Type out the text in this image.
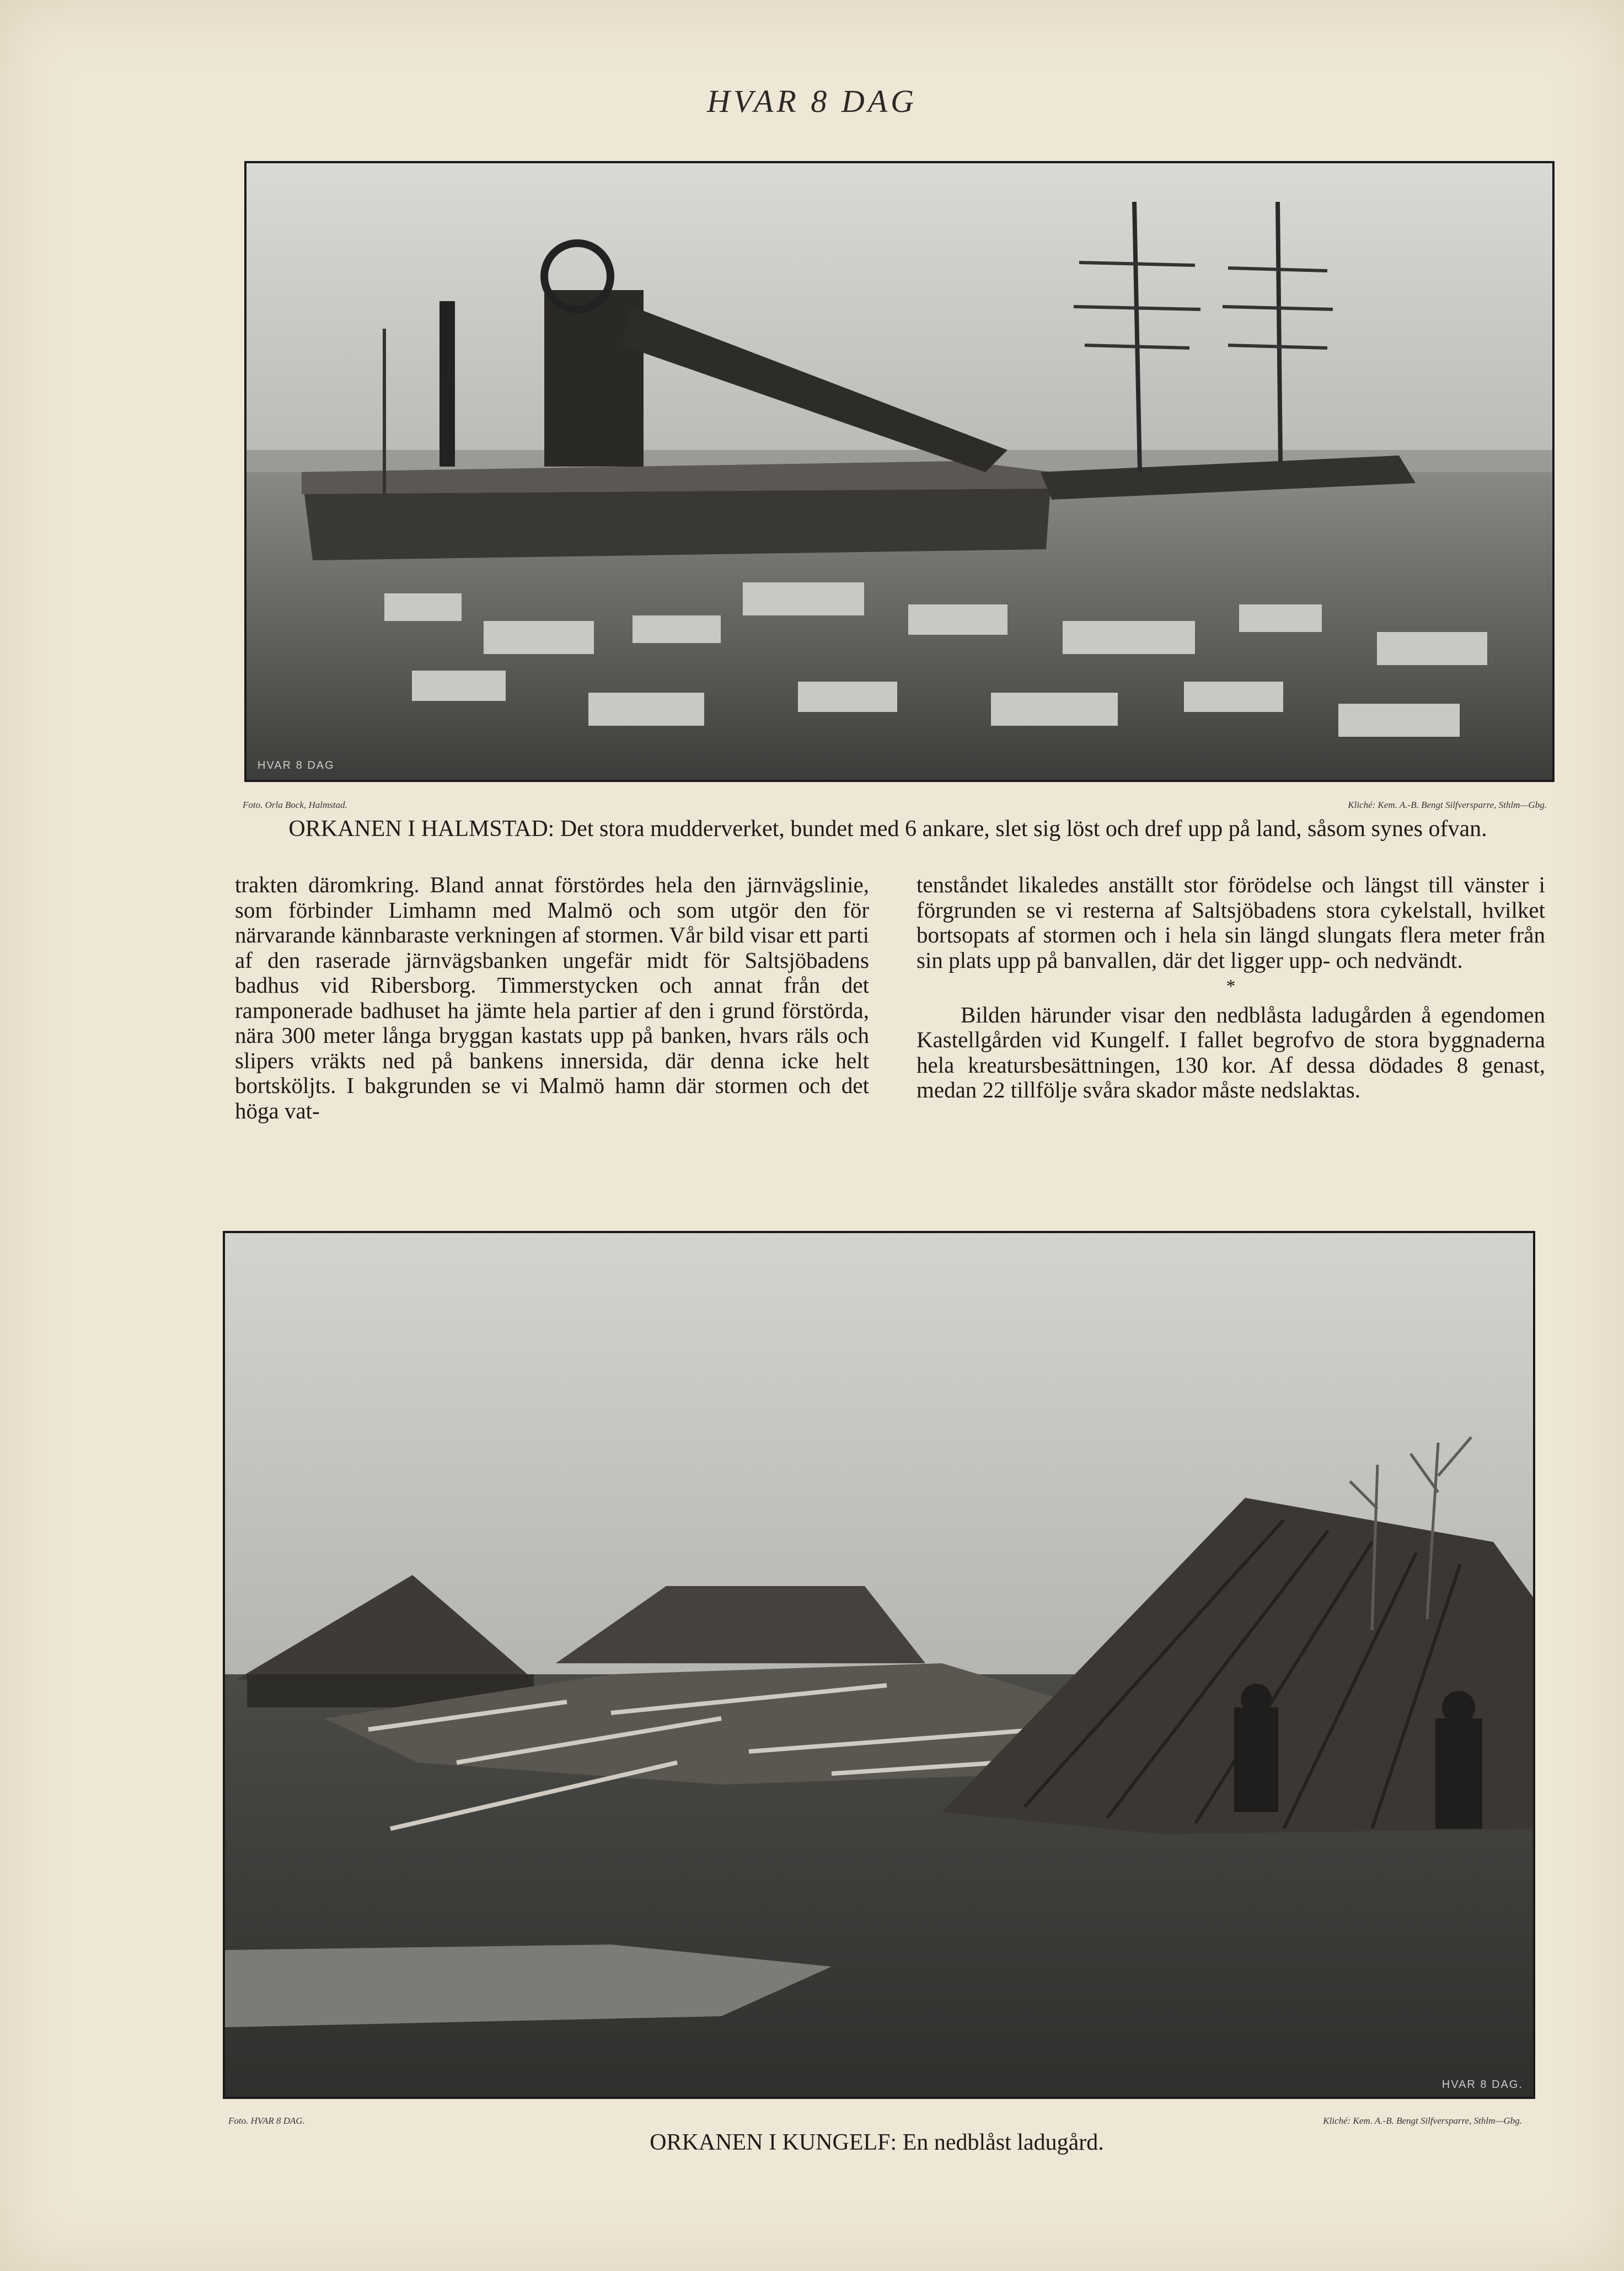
HVAR 8 DAG
HVAR 8 DAG
Foto. Orla Bock, Halmstad.	Kliché: Kem. A.-B. Bengt Silfversparre, Sthlm—Gbg.
ORKANEN I HALMSTAD: Det stora mudderverket, bundet med 6 ankare, slet sig löst och dref upp på land, såsom synes ofvan.

trakten däromkring. Bland annat förstördes hela den järnvägslinie, som förbinder Limhamn med Malmö och som utgör den för närvarande kännbaraste verkningen af stormen. Vår bild visar ett parti af den raserade järnvägsbanken ungefär midt för Saltsjöbadens badhus vid Ribersborg. Timmerstycken och annat från det ramponerade badhuset ha jämte hela partier af den i grund förstörda, nära 300 meter långa bryggan kastats upp på banken, hvars räls och slipers vräkts ned på bankens innersida, där denna icke helt bortsköljts. I bakgrunden se vi Malmö hamn där stormen och det höga vat-

tenståndet likaledes anställt stor förödelse och längst till vänster i förgrunden se vi resterna af Saltsjöbadens stora cykelstall, hvilket bortsopats af stormen och i hela sin längd slungats flera meter från sin plats upp på banvallen, där det ligger upp- och nedvändt.

*

Bilden härunder visar den nedblåsta ladugården å egendomen Kastellgården vid Kungelf. I fallet begrofvo de stora byggnaderna hela kreatursbesättningen, 130 kor. Af dessa dödades 8 genast, medan 22 tillfölje svåra skador måste nedslaktas.

HVAR 8 DAG.
Foto. HVAR 8 DAG.	Kliché: Kem. A.-B. Bengt Silfversparre, Sthlm—Gbg.
ORKANEN I KUNGELF: En nedblåst ladugård.
